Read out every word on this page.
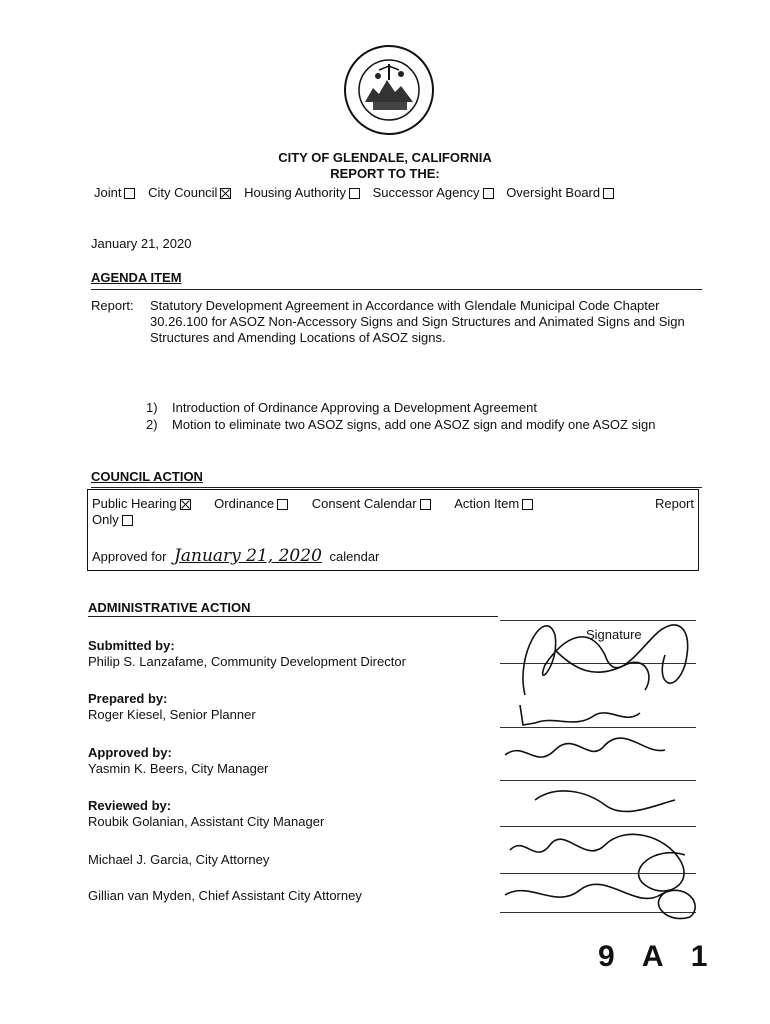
CITY OF GLENDALE, CALIFORNIA
REPORT TO THE:
Joint City Council Housing Authority Successor Agency Oversight Board
January 21, 2020
AGENDA ITEM
Report: Statutory Development Agreement in Accordance with Glendale Municipal Code Chapter 30.26.100 for ASOZ Non-Accessory Signs and Sign Structures and Animated Signs and Sign Structures and Amending Locations of ASOZ signs.
1) Introduction of Ordinance Approving a Development Agreement
2) Motion to eliminate two ASOZ signs, add one ASOZ sign and modify one ASOZ sign
COUNCIL ACTION
Public Hearing	Ordinance	Consent Calendar	Action Item	Report
Only
Approved for January 21, 2020 calendar
ADMINISTRATIVE ACTION
Signature
Submitted by:
Philip S. Lanzafame, Community Development Director
Prepared by:
Roger Kiesel, Senior Planner
Approved by:
Yasmin K. Beers, City Manager
Reviewed by:
Roubik Golanian, Assistant City Manager
Michael J. Garcia, City Attorney
Gillian van Myden, Chief Assistant City Attorney
9 A 1
